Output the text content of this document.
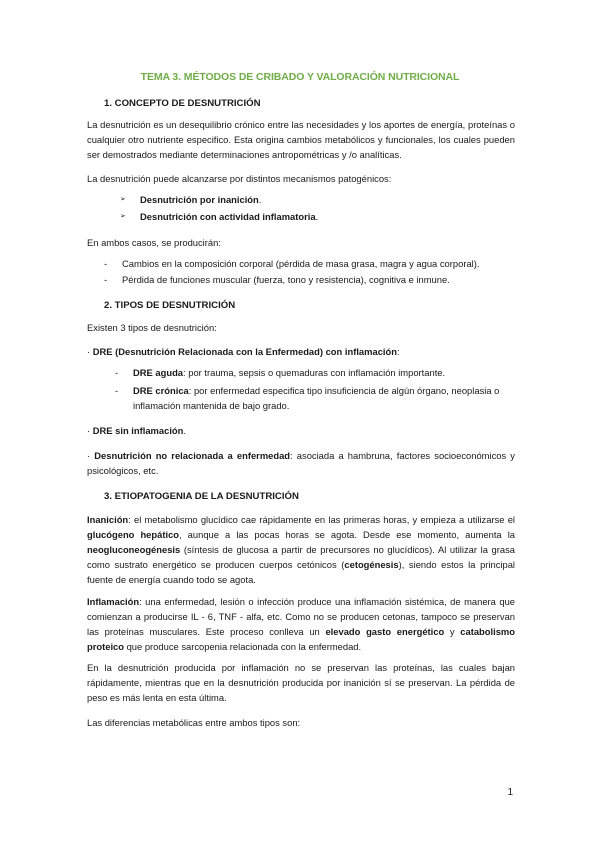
TEMA 3. MÉTODOS DE CRIBADO Y VALORACIÓN NUTRICIONAL
1. CONCEPTO DE DESNUTRICIÓN
La desnutrición es un desequilibrio crónico entre las necesidades y los aportes de energía, proteínas o cualquier otro nutriente especifico. Esta origina cambios metabólicos y funcionales, los cuales pueden ser demostrados mediante determinaciones antropométricas y /o analíticas.
La desnutrición puede alcanzarse por distintos mecanismos patogénicos:
➢ Desnutrición por inanición.
➢ Desnutrición con actividad inflamatoria.
En ambos casos, se producirán:
- Cambios en la composición corporal (pérdida de masa grasa, magra y agua corporal).
- Pérdida de funciones muscular (fuerza, tono y resistencia), cognitiva e inmune.
2. TIPOS DE DESNUTRICIÓN
Existen 3 tipos de desnutrición:
· DRE (Desnutrición Relacionada con la Enfermedad) con inflamación:
- DRE aguda: por trauma, sepsis o quemaduras con inflamación importante.
- DRE crónica: por enfermedad especifica tipo insuficiencia de algún órgano, neoplasia o inflamación mantenida de bajo grado.
· DRE sin inflamación.
· Desnutrición no relacionada a enfermedad: asociada a hambruna, factores socioeconómicos y psicológicos, etc.
3. ETIOPATOGENIA DE LA DESNUTRICIÓN
Inanición: el metabolismo glucídico cae rápidamente en las primeras horas, y empieza a utilizarse el glucógeno hepático, aunque a las pocas horas se agota. Desde ese momento, aumenta la neogluconeogénesis (síntesis de glucosa a partir de precursores no glucídicos). Al utilizar la grasa como sustrato energético se producen cuerpos cetónicos (cetogénesis), siendo estos la principal fuente de energía cuando todo se agota.
Inflamación: una enfermedad, lesión o infección produce una inflamación sistémica, de manera que comienzan a producirse IL - 6, TNF - alfa, etc. Como no se producen cetonas, tampoco se preservan las proteínas musculares. Este proceso conlleva un elevado gasto energético y catabolismo proteico que produce sarcopenia relacionada con la enfermedad.
En la desnutrición producida por inflamación no se preservan las proteínas, las cuales bajan rápidamente, mientras que en la desnutrición producida por inanición sí se preservan. La pérdida de peso es más lenta en esta última.
Las diferencias metabólicas entre ambos tipos son:
1
